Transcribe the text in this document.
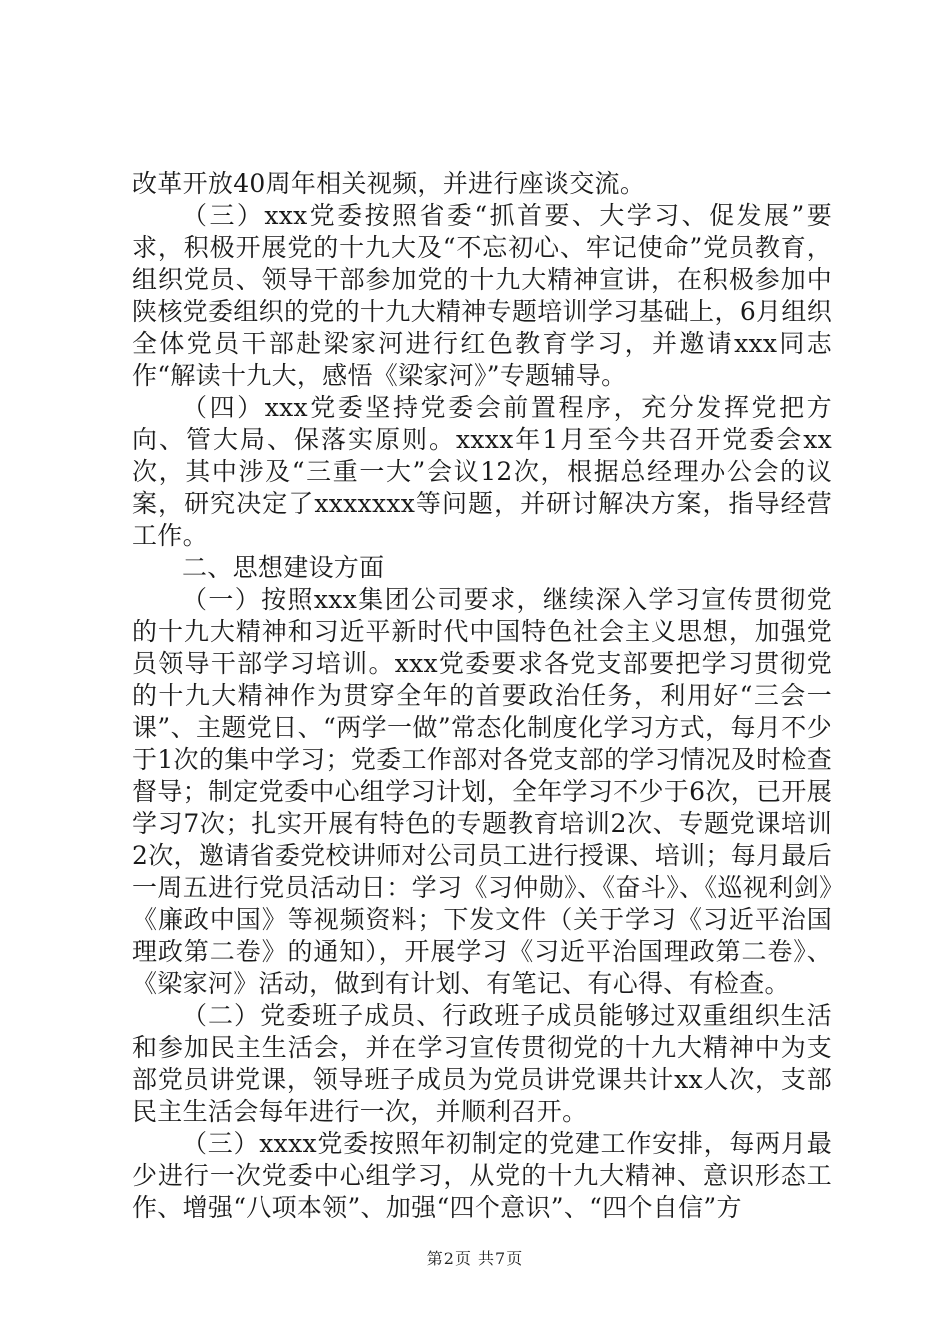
改革开放40周年相关视频，并进行座谈交流。

（三）xxx党委按照省委“抓首要、大学习、促发展”要求，积极开展党的十九大及“不忘初心、牢记使命”党员教育，组织党员、领导干部参加党的十九大精神宣讲，在积极参加中陕核党委组织的党的十九大精神专题培训学习基础上，6月组织全体党员干部赴梁家河进行红色教育学习，并邀请xxx同志作“解读十九大，感悟《梁家河》”专题辅导。

（四）xxx党委坚持党委会前置程序，充分发挥党把方向、管大局、保落实原则。xxxx年1月至今共召开党委会xx次，其中涉及“三重一大”会议12次，根据总经理办公会的议案，研究决定了xxxxxxx等问题，并研讨解决方案，指导经营工作。

二、思想建设方面

（一）按照xxx集团公司要求，继续深入学习宣传贯彻党的十九大精神和习近平新时代中国特色社会主义思想，加强党员领导干部学习培训。xxx党委要求各党支部要把学习贯彻党的十九大精神作为贯穿全年的首要政治任务，利用好“三会一课”、主题党日、“两学一做”常态化制度化学习方式，每月不少于1次的集中学习；党委工作部对各党支部的学习情况及时检查督导；制定党委中心组学习计划，全年学习不少于6次，已开展学习7次；扎实开展有特色的专题教育培训2次、专题党课培训2次，邀请省委党校讲师对公司员工进行授课、培训；每月最后一周五进行党员活动日：学习《习仲勋》、《奋斗》、《巡视利剑》《廉政中国》等视频资料；下发文件（关于学习《习近平治国理政第二卷》的通知），开展学习《习近平治国理政第二卷》、《梁家河》活动，做到有计划、有笔记、有心得、有检查。

（二）党委班子成员、行政班子成员能够过双重组织生活和参加民主生活会，并在学习宣传贯彻党的十九大精神中为支部党员讲党课，领导班子成员为党员讲党课共计xx人次，支部民主生活会每年进行一次，并顺利召开。

（三）xxxx党委按照年初制定的党建工作安排，每两月最少进行一次党委中心组学习，从党的十九大精神、意识形态工作、增强“八项本领”、加强“四个意识”、“四个自信”方

第2页 共7页
